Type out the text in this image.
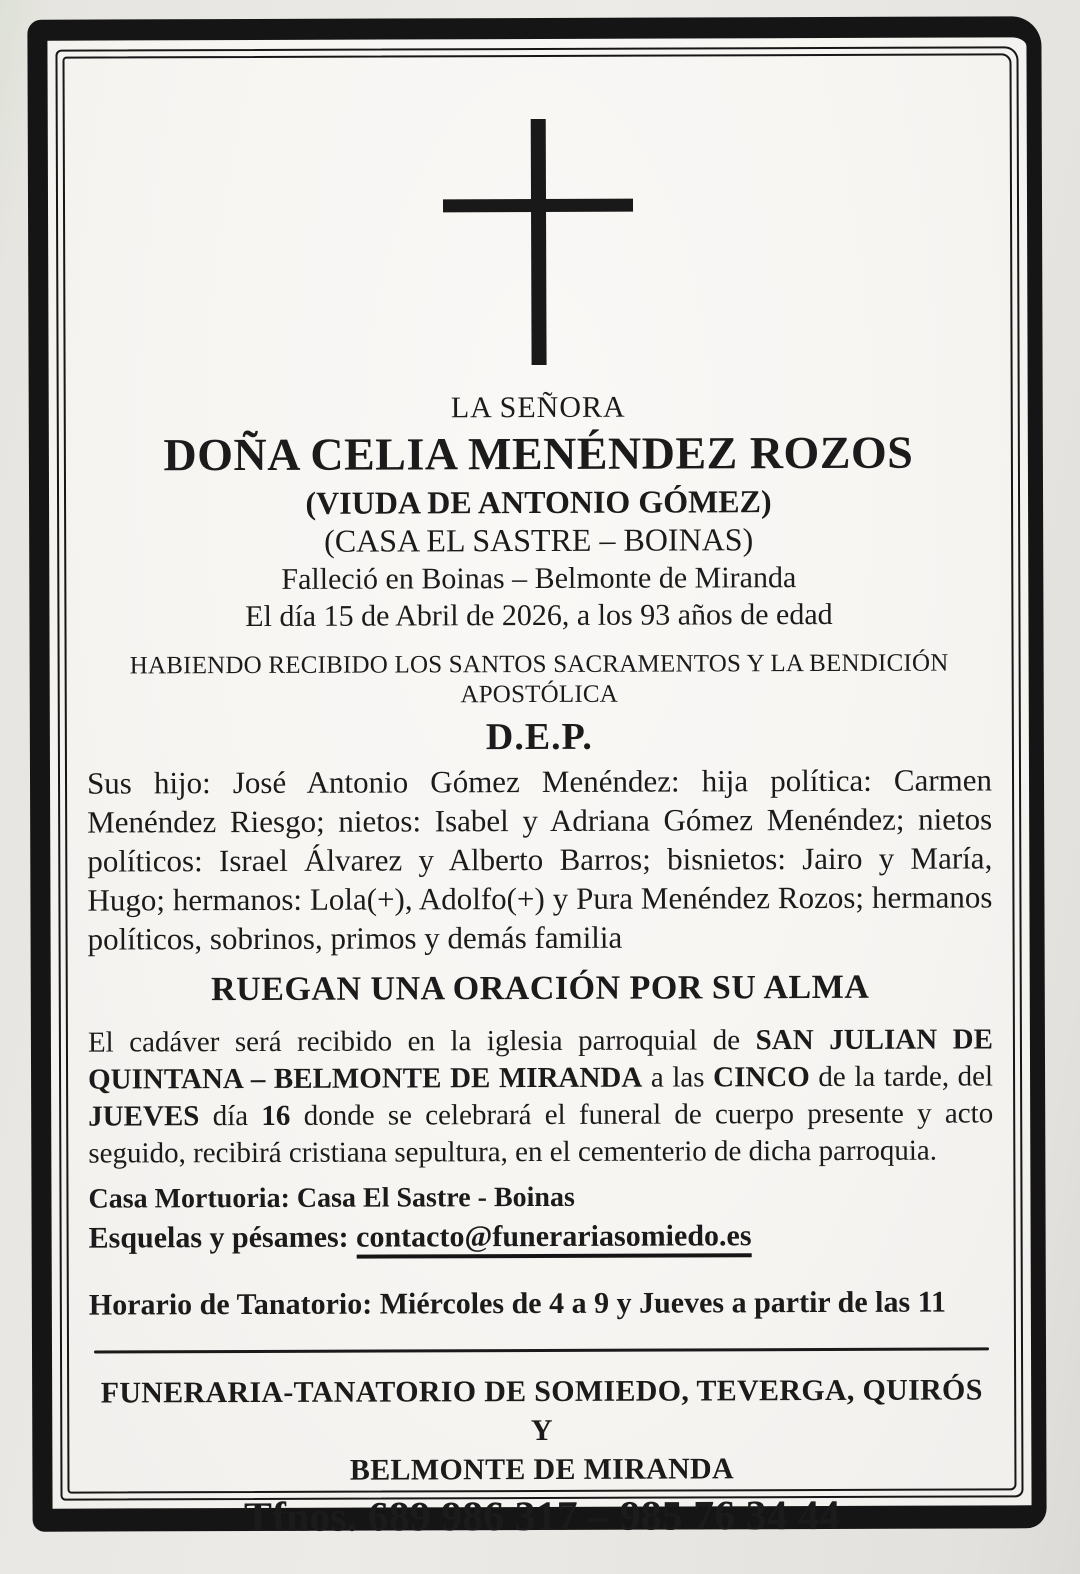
LA SEÑORA
DOÑA CELIA MENÉNDEZ ROZOS
(VIUDA DE ANTONIO GÓMEZ)
(CASA EL SASTRE – BOINAS)
Falleció en Boinas – Belmonte de Miranda
El día 15 de Abril de 2026, a los 93 años de edad
HABIENDO RECIBIDO LOS SANTOS SACRAMENTOS Y LA BENDICIÓN APOSTÓLICA
D.E.P.
Sus hijo: José Antonio Gómez Menéndez: hija política: Carmen Menéndez Riesgo; nietos: Isabel y Adriana Gómez Menéndez; nietos políticos: Israel Álvarez y Alberto Barros; bisnietos: Jairo y María, Hugo; hermanos: Lola(+), Adolfo(+) y Pura Menéndez Rozos; hermanos políticos, sobrinos, primos y demás familia
RUEGAN UNA ORACIÓN POR SU ALMA
El cadáver será recibido en la iglesia parroquial de SAN JULIAN DE QUINTANA – BELMONTE DE MIRANDA a las CINCO de la tarde, del JUEVES día 16 donde se celebrará el funeral de cuerpo presente y acto seguido, recibirá cristiana sepultura, en el cementerio de dicha parroquia.
Casa Mortuoria: Casa El Sastre - Boinas
Esquelas y pésames: contacto@funerariasomiedo.es
Horario de Tanatorio: Miércoles de 4 a 9 y Jueves a partir de las 11
FUNERARIA-TANATORIO DE SOMIEDO, TEVERGA, QUIRÓS Y
BELMONTE DE MIRANDA
Tfnos. 689 986 317 – 985 76 34 44
